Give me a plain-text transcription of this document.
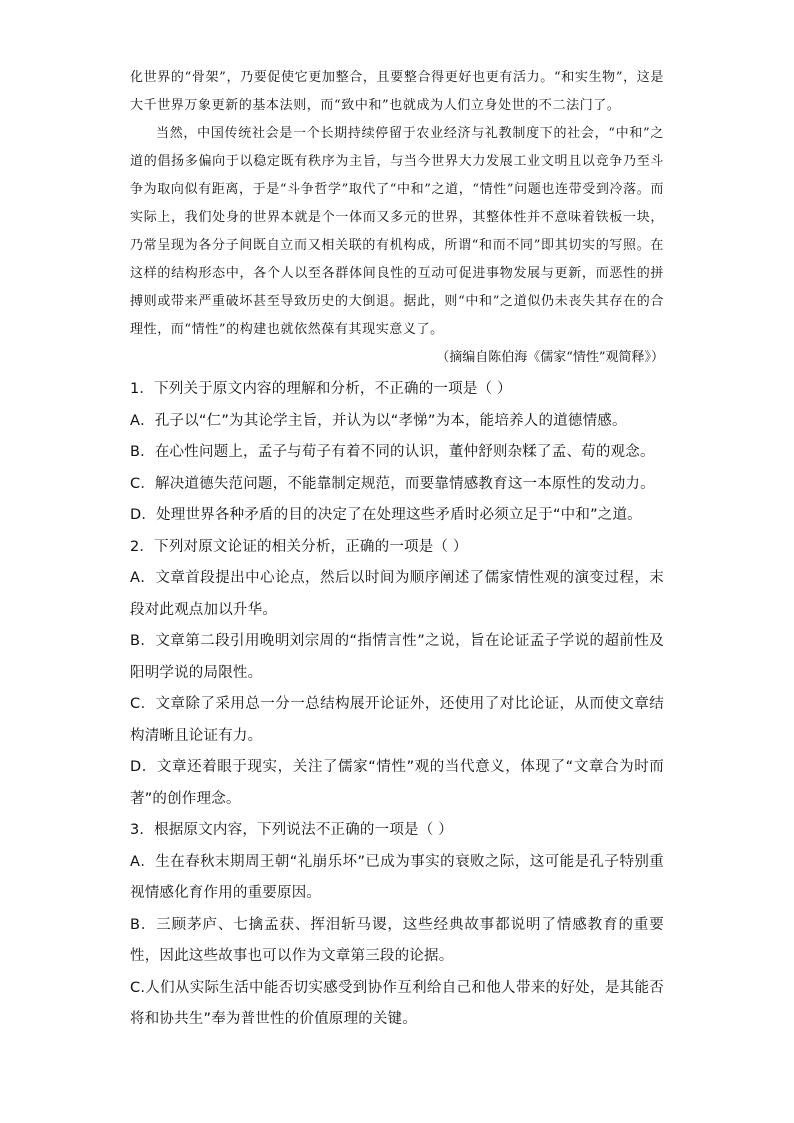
化世界的“骨架”，乃要促使它更加整合，且要整合得更好也更有活力。“和实生物”，这是大千世界万象更新的基本法则，而“致中和”也就成为人们立身处世的不二法门了。

当然，中国传统社会是一个长期持续停留于农业经济与礼教制度下的社会，“中和”之道的倡扬多偏向于以稳定既有秩序为主旨，与当今世界大力发展工业文明且以竞争乃至斗争为取向似有距离，于是“斗争哲学”取代了“中和”之道，“情性”问题也连带受到冷落。而实际上，我们处身的世界本就是个一体而又多元的世界，其整体性并不意味着铁板一块，乃常呈现为各分子间既自立而又相关联的有机构成，所谓“和而不同”即其切实的写照。在这样的结构形态中，各个人以至各群体间良性的互动可促进事物发展与更新，而恶性的拼搏则或带来严重破坏甚至导致历史的大倒退。据此，则“中和”之道似仍未丧失其存在的合理性，而“情性”的构建也就依然葆有其现实意义了。

（摘编自陈伯海《儒家“情性”观简释》）

1．下列关于原文内容的理解和分析，不正确的一项是（ ）

A．孔子以“仁”为其论学主旨，并认为以“孝悌”为本，能培养人的道德情感。

B．在心性问题上，孟子与荀子有着不同的认识，董仲舒则杂糅了孟、荀的观念。

C．解决道德失范问题，不能靠制定规范，而要靠情感教育这一本原性的发动力。

D．处理世界各种矛盾的目的决定了在处理这些矛盾时必须立足于“中和”之道。

2．下列对原文论证的相关分析，正确的一项是（ ）

A．文章首段提出中心论点，然后以时间为顺序阐述了儒家情性观的演变过程，末段对此观点加以升华。

B．文章第二段引用晚明刘宗周的“指情言性”之说，旨在论证孟子学说的超前性及阳明学说的局限性。

C．文章除了采用总一分一总结构展开论证外，还使用了对比论证，从而使文章结构清晰且论证有力。

D．文章还着眼于现实，关注了儒家“情性”观的当代意义，体现了“文章合为时而著”的创作理念。

3．根据原文内容，下列说法不正确的一项是（ ）

A．生在春秋末期周王朝“礼崩乐坏”已成为事实的衰败之际，这可能是孔子特别重视情感化育作用的重要原因。

B．三顾茅庐、七擒孟获、挥泪斩马谡，这些经典故事都说明了情感教育的重要性，因此这些故事也可以作为文章第三段的论据。

C.人们从实际生活中能否切实感受到协作互利给自己和他人带来的好处，是其能否将和协共生”奉为普世性的价值原理的关键。
